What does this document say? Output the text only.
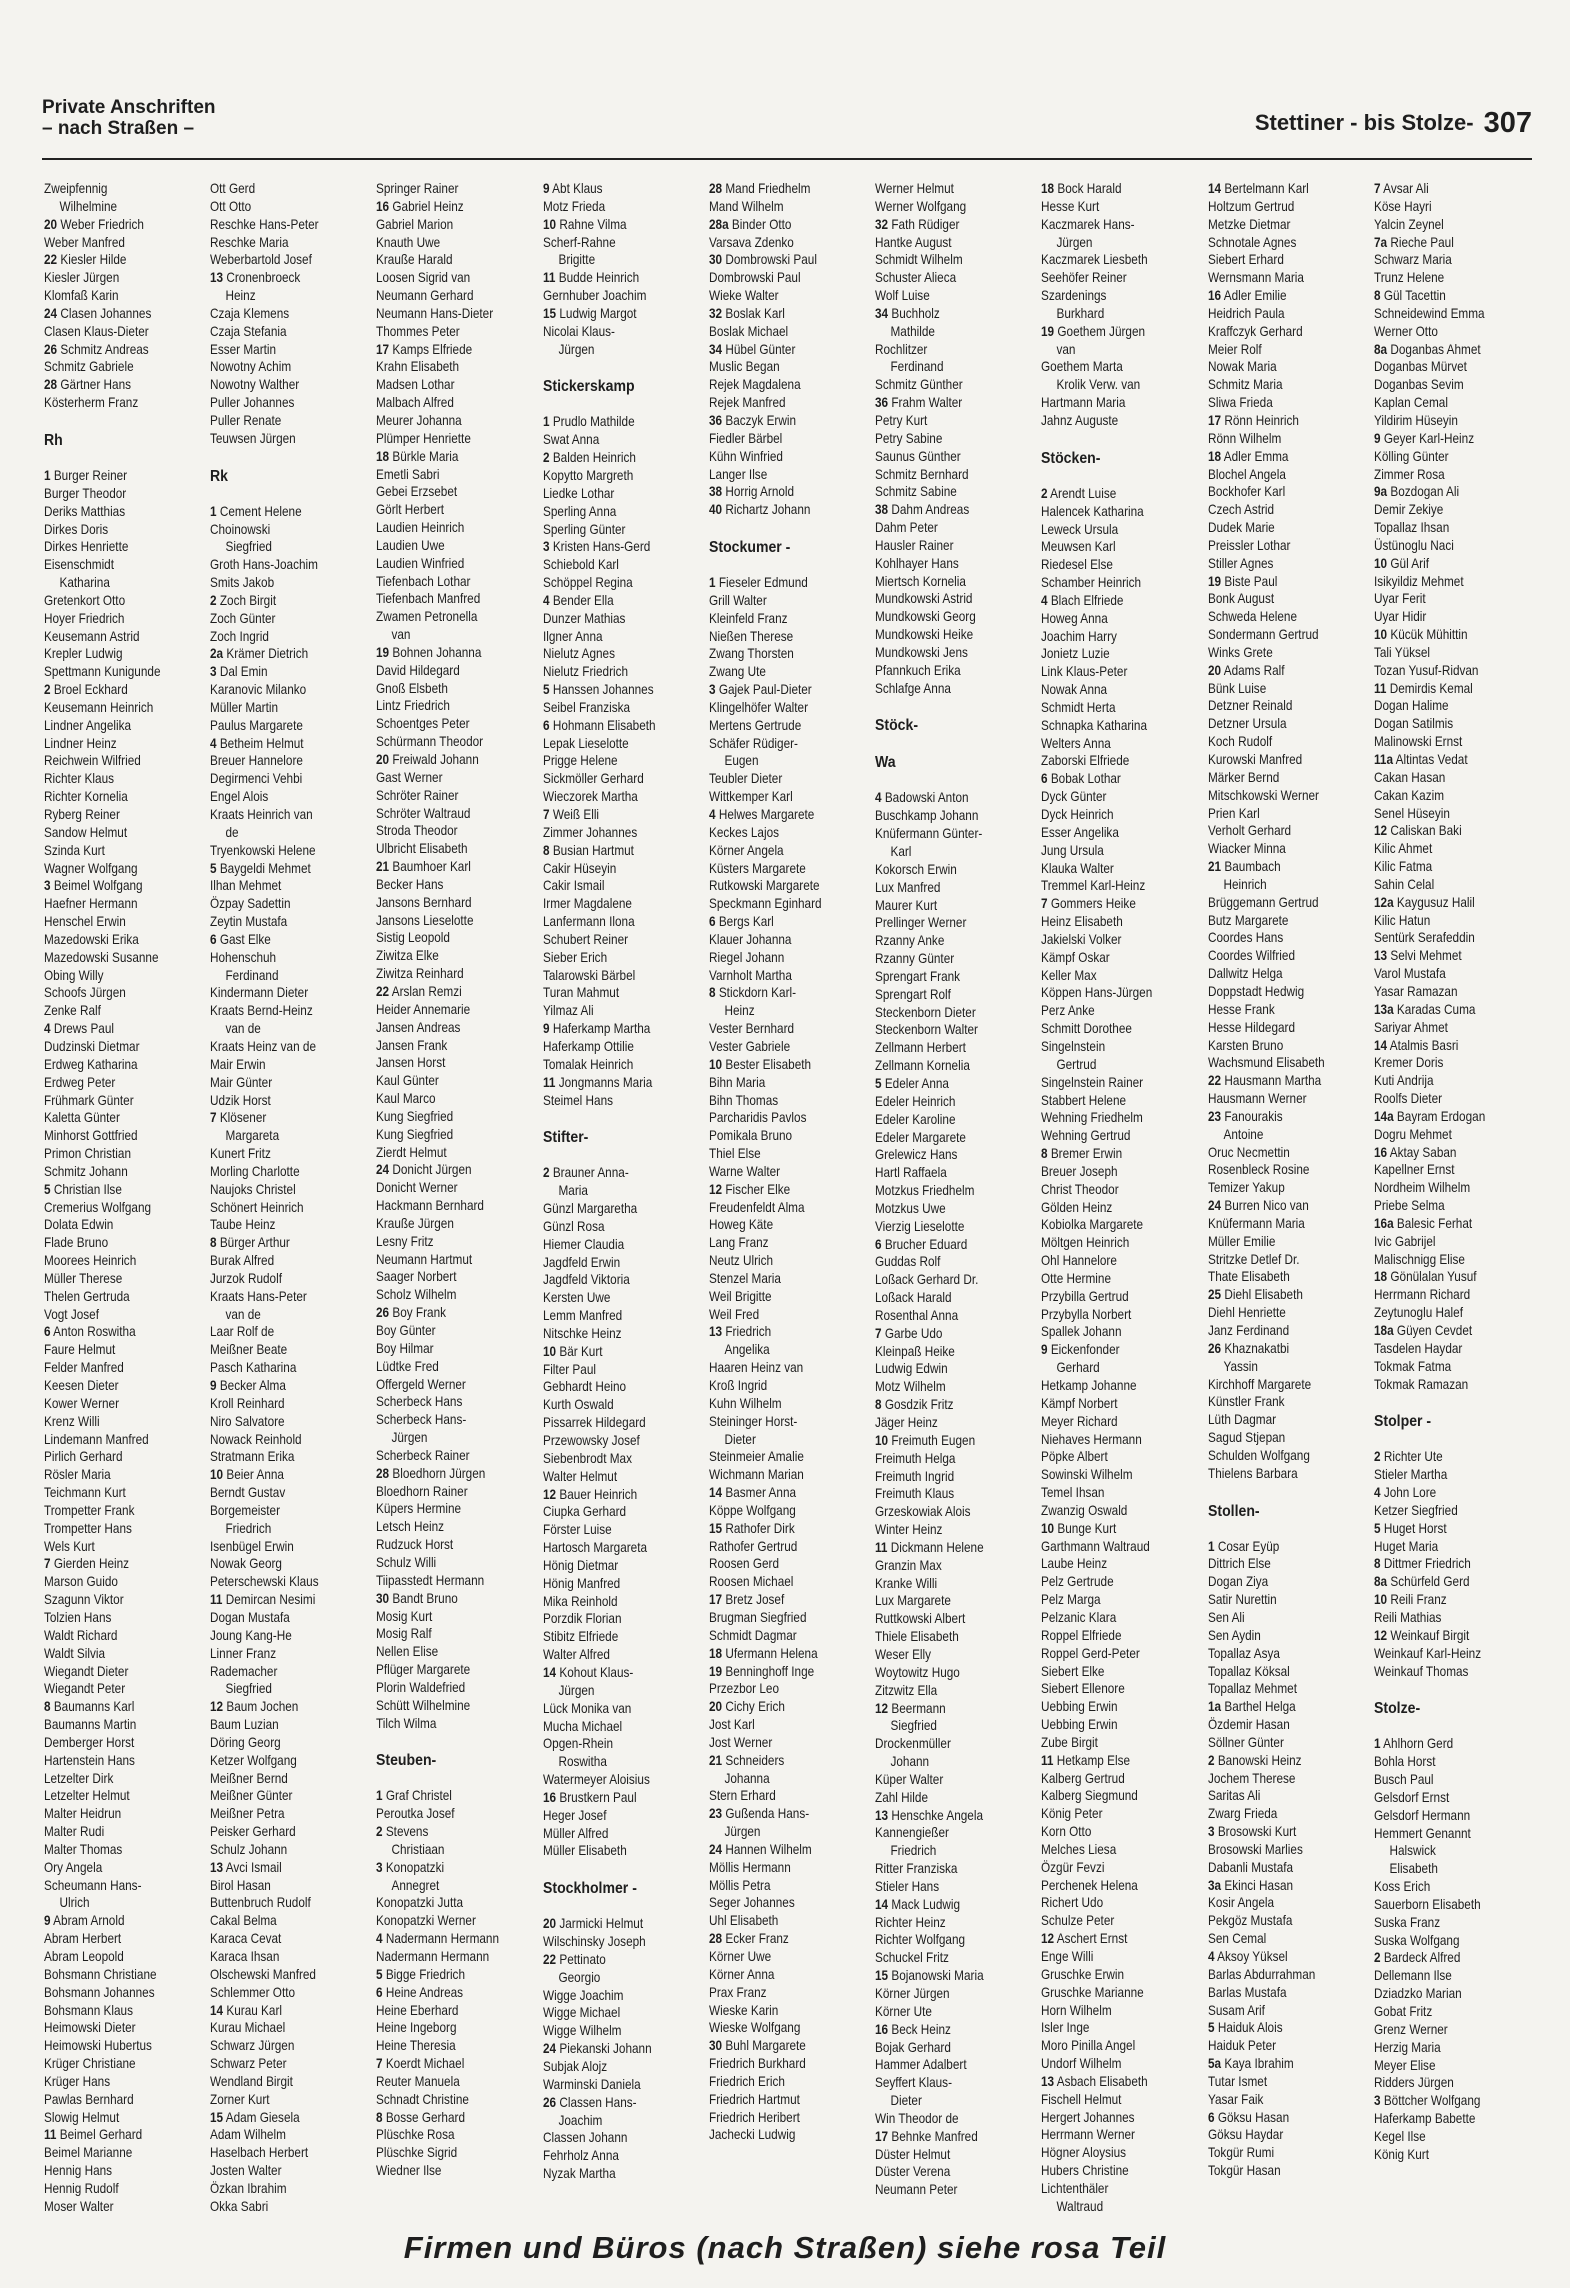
Private Anschriften
– nach Straßen –	Stettiner - bis Stolze- 307
Zweipfennig
Wilhelmine
20 Weber Friedrich
Weber Manfred
22 Kiesler Hilde
Kiesler Jürgen
Klomfaß Karin
24 Clasen Johannes
Clasen Klaus-Dieter
26 Schmitz Andreas
Schmitz Gabriele
28 Gärtner Hans
Kösterherm Franz
Rh
1 Burger Reiner
Burger Theodor
Deriks Matthias
Dirkes Doris
Dirkes Henriette
Eisenschmidt
Katharina
Gretenkort Otto
Hoyer Friedrich
Keusemann Astrid
Krepler Ludwig
Spettmann Kunigunde
2 Broel Eckhard
Keusemann Heinrich
Lindner Angelika
Lindner Heinz
Reichwein Wilfried
Richter Klaus
Richter Kornelia
Ryberg Reiner
Sandow Helmut
Szinda Kurt
Wagner Wolfgang
3 Beimel Wolfgang
Haefner Hermann
Henschel Erwin
Mazedowski Erika
Mazedowski Susanne
Obing Willy
Schoofs Jürgen
Zenke Ralf
4 Drews Paul
Dudzinski Dietmar
Erdweg Katharina
Erdweg Peter
Frühmark Günter
Kaletta Günter
Minhorst Gottfried
Primon Christian
Schmitz Johann
5 Christian Ilse
Cremerius Wolfgang
Dolata Edwin
Flade Bruno
Moorees Heinrich
Müller Therese
Thelen Gertruda
Vogt Josef
6 Anton Roswitha
Faure Helmut
Felder Manfred
Keesen Dieter
Kower Werner
Krenz Willi
Lindemann Manfred
Pirlich Gerhard
Rösler Maria
Teichmann Kurt
Trompetter Frank
Trompetter Hans
Wels Kurt
7 Gierden Heinz
Marson Guido
Szagunn Viktor
Tolzien Hans
Waldt Richard
Waldt Silvia
Wiegandt Dieter
Wiegandt Peter
8 Baumanns Karl
Baumanns Martin
Demberger Horst
Hartenstein Hans
Letzelter Dirk
Letzelter Helmut
Malter Heidrun
Malter Rudi
Malter Thomas
Ory Angela
Scheumann Hans-
Ulrich
9 Abram Arnold
Abram Herbert
Abram Leopold
Bohsmann Christiane
Bohsmann Johannes
Bohsmann Klaus
Heimowski Dieter
Heimowski Hubertus
Krüger Christiane
Krüger Hans
Pawlas Bernhard
Slowig Helmut
11 Beimel Gerhard
Beimel Marianne
Hennig Hans
Hennig Rudolf
Moser Walter
Ott Gerd
Ott Otto
Reschke Hans-Peter
Reschke Maria
Weberbartold Josef
13 Cronenbroeck
Heinz
Czaja Klemens
Czaja Stefania
Esser Martin
Nowotny Achim
Nowotny Walther
Puller Johannes
Puller Renate
Teuwsen Jürgen
Rk
1 Cement Helene
Choinowski
Siegfried
Groth Hans-Joachim
Smits Jakob
2 Zoch Birgit
Zoch Günter
Zoch Ingrid
2a Krämer Dietrich
3 Dal Emin
Karanovic Milanko
Müller Martin
Paulus Margarete
4 Betheim Helmut
Breuer Hannelore
Degirmenci Vehbi
Engel Alois
Kraats Heinrich van
de
Tryenkowski Helene
5 Baygeldi Mehmet
Ilhan Mehmet
Özpay Sadettin
Zeytin Mustafa
6 Gast Elke
Hohenschuh
Ferdinand
Kindermann Dieter
Kraats Bernd-Heinz
van de
Kraats Heinz van de
Mair Erwin
Mair Günter
Udzik Horst
7 Klösener
Margareta
Kunert Fritz
Morling Charlotte
Naujoks Christel
Schönert Heinrich
Taube Heinz
8 Bürger Arthur
Burak Alfred
Jurzok Rudolf
Kraats Hans-Peter
van de
Laar Rolf de
Meißner Beate
Pasch Katharina
9 Becker Alma
Kroll Reinhard
Niro Salvatore
Nowack Reinhold
Stratmann Erika
10 Beier Anna
Berndt Gustav
Borgemeister
Friedrich
Isenbügel Erwin
Nowak Georg
Peterschewski Klaus
11 Demircan Nesimi
Dogan Mustafa
Joung Kang-He
Linner Franz
Rademacher
Siegfried
12 Baum Jochen
Baum Luzian
Döring Georg
Ketzer Wolfgang
Meißner Bernd
Meißner Günter
Meißner Petra
Peisker Gerhard
Schulz Johann
13 Avci Ismail
Birol Hasan
Buttenbruch Rudolf
Cakal Belma
Karaca Cevat
Karaca Ihsan
Olschewski Manfred
Schlemmer Otto
14 Kurau Karl
Kurau Michael
Schwarz Jürgen
Schwarz Peter
Wendland Birgit
Zorner Kurt
15 Adam Giesela
Adam Wilhelm
Haselbach Herbert
Josten Walter
Özkan Ibrahim
Okka Sabri
Springer Rainer
16 Gabriel Heinz
Gabriel Marion
Knauth Uwe
Krauße Harald
Loosen Sigrid van
Neumann Gerhard
Neumann Hans-Dieter
Thommes Peter
17 Kamps Elfriede
Krahn Elisabeth
Madsen Lothar
Malbach Alfred
Meurer Johanna
Plümper Henriette
18 Bürkle Maria
Emetli Sabri
Gebei Erzsebet
Görlt Herbert
Laudien Heinrich
Laudien Uwe
Laudien Winfried
Tiefenbach Lothar
Tiefenbach Manfred
Zwamen Petronella
van
19 Bohnen Johanna
David Hildegard
Gnoß Elsbeth
Lintz Friedrich
Schoentges Peter
Schürmann Theodor
20 Freiwald Johann
Gast Werner
Schröter Rainer
Schröter Waltraud
Stroda Theodor
Ulbricht Elisabeth
21 Baumhoer Karl
Becker Hans
Jansons Bernhard
Jansons Lieselotte
Sistig Leopold
Ziwitza Elke
Ziwitza Reinhard
22 Arslan Remzi
Heider Annemarie
Jansen Andreas
Jansen Frank
Jansen Horst
Kaul Günter
Kaul Marco
Kung Siegfried
Kung Siegfried
Zierdt Helmut
24 Donicht Jürgen
Donicht Werner
Hackmann Bernhard
Krauße Jürgen
Lesny Fritz
Neumann Hartmut
Saager Norbert
Scholz Wilhelm
26 Boy Frank
Boy Günter
Boy Hilmar
Lüdtke Fred
Offergeld Werner
Scherbeck Hans
Scherbeck Hans-
Jürgen
Scherbeck Rainer
28 Bloedhorn Jürgen
Bloedhorn Rainer
Küpers Hermine
Letsch Heinz
Rudzuck Horst
Schulz Willi
Tiipasstedt Hermann
30 Bandt Bruno
Mosig Kurt
Mosig Ralf
Nellen Elise
Pflüger Margarete
Plorin Waldefried
Schütt Wilhelmine
Tilch Wilma
Steuben-
1 Graf Christel
Peroutka Josef
2 Stevens
Christiaan
3 Konopatzki
Annegret
Konopatzki Jutta
Konopatzki Werner
4 Nadermann Hermann
Nadermann Hermann
5 Bigge Friedrich
6 Heine Andreas
Heine Eberhard
Heine Ingeborg
Heine Theresia
7 Koerdt Michael
Reuter Manuela
Schnadt Christine
8 Bosse Gerhard
Plüschke Rosa
Plüschke Sigrid
Wiedner Ilse
9 Abt Klaus
Motz Frieda
10 Rahne Vilma
Scherf-Rahne
Brigitte
11 Budde Heinrich
Gernhuber Joachim
15 Ludwig Margot
Nicolai Klaus-
Jürgen
Stickerskamp
1 Prudlo Mathilde
Swat Anna
2 Balden Heinrich
Kopytto Margreth
Liedke Lothar
Sperling Anna
Sperling Günter
3 Kristen Hans-Gerd
Schiebold Karl
Schöppel Regina
4 Bender Ella
Dunzer Mathias
Ilgner Anna
Nielutz Agnes
Nielutz Friedrich
5 Hanssen Johannes
Seibel Franziska
6 Hohmann Elisabeth
Lepak Lieselotte
Prigge Helene
Sickmöller Gerhard
Wieczorek Martha
7 Weiß Elli
Zimmer Johannes
8 Busian Hartmut
Cakir Hüseyin
Cakir Ismail
Irmer Magdalene
Lanfermann Ilona
Schubert Reiner
Sieber Erich
Talarowski Bärbel
Turan Mahmut
Yilmaz Ali
9 Haferkamp Martha
Haferkamp Ottilie
Tomalak Heinrich
11 Jongmanns Maria
Steimel Hans
Stifter-
2 Brauner Anna-
Maria
Günzl Margaretha
Günzl Rosa
Hiemer Claudia
Jagdfeld Erwin
Jagdfeld Viktoria
Kersten Uwe
Lemm Manfred
Nitschke Heinz
10 Bär Kurt
Filter Paul
Gebhardt Heino
Kurth Oswald
Pissarrek Hildegard
Przewowsky Josef
Siebenbrodt Max
Walter Helmut
12 Bauer Heinrich
Ciupka Gerhard
Förster Luise
Hartosch Margareta
Hönig Dietmar
Hönig Manfred
Mika Reinhold
Porzdik Florian
Stibitz Elfriede
Walter Alfred
14 Kohout Klaus-
Jürgen
Lück Monika van
Mucha Michael
Opgen-Rhein
Roswitha
Watermeyer Aloisius
16 Brustkern Paul
Heger Josef
Müller Alfred
Müller Elisabeth
Stockholmer -
20 Jarmicki Helmut
Wilschinsky Joseph
22 Pettinato
Georgio
Wigge Joachim
Wigge Michael
Wigge Wilhelm
24 Piekanski Johann
Subjak Alojz
Warminski Daniela
26 Classen Hans-
Joachim
Classen Johann
Fehrholz Anna
Nyzak Martha
28 Mand Friedhelm
Mand Wilhelm
28a Binder Otto
Varsava Zdenko
30 Dombrowski Paul
Dombrowski Paul
Wieke Walter
32 Boslak Karl
Boslak Michael
34 Hübel Günter
Muslic Began
Rejek Magdalena
Rejek Manfred
36 Baczyk Erwin
Fiedler Bärbel
Kühn Winfried
Langer Ilse
38 Horrig Arnold
40 Richartz Johann
Stockumer -
1 Fieseler Edmund
Grill Walter
Kleinfeld Franz
Nießen Therese
Zwang Thorsten
Zwang Ute
3 Gajek Paul-Dieter
Klingelhöfer Walter
Mertens Gertrude
Schäfer Rüdiger-
Eugen
Teubler Dieter
Wittkemper Karl
4 Helwes Margarete
Keckes Lajos
Körner Angela
Küsters Margarete
Rutkowski Margarete
Speckmann Eginhard
6 Bergs Karl
Klauer Johanna
Riegel Johann
Varnholt Martha
8 Stickdorn Karl-
Heinz
Vester Bernhard
Vester Gabriele
10 Bester Elisabeth
Bihn Maria
Bihn Thomas
Parcharidis Pavlos
Pomikala Bruno
Thiel Else
Warne Walter
12 Fischer Elke
Freudenfeldt Alma
Howeg Käte
Lang Franz
Neutz Ulrich
Stenzel Maria
Weil Brigitte
Weil Fred
13 Friedrich
Angelika
Haaren Heinz van
Kroß Ingrid
Kuhn Wilhelm
Steininger Horst-
Dieter
Steinmeier Amalie
Wichmann Marian
14 Basmer Anna
Köppe Wolfgang
15 Rathofer Dirk
Rathofer Gertrud
Roosen Gerd
Roosen Michael
17 Bretz Josef
Brugman Siegfried
Schmidt Dagmar
18 Ufermann Helena
19 Benninghoff Inge
Przezbor Leo
20 Cichy Erich
Jost Karl
Jost Werner
21 Schneiders
Johanna
Stern Erhard
23 Gußenda Hans-
Jürgen
24 Hannen Wilhelm
Möllis Hermann
Möllis Petra
Seger Johannes
Uhl Elisabeth
28 Ecker Franz
Körner Uwe
Körner Anna
Prax Franz
Wieske Karin
Wieske Wolfgang
30 Buhl Margarete
Friedrich Burkhard
Friedrich Erich
Friedrich Hartmut
Friedrich Heribert
Jachecki Ludwig
Werner Helmut
Werner Wolfgang
32 Fath Rüdiger
Hantke August
Schmidt Wilhelm
Schuster Alieca
Wolf Luise
34 Buchholz
Mathilde
Rochlitzer
Ferdinand
Schmitz Günther
36 Frahm Walter
Petry Kurt
Petry Sabine
Saunus Günther
Schmitz Bernhard
Schmitz Sabine
38 Dahm Andreas
Dahm Peter
Hausler Rainer
Kohlhayer Hans
Miertsch Kornelia
Mundkowski Astrid
Mundkowski Georg
Mundkowski Heike
Mundkowski Jens
Pfannkuch Erika
Schlafge Anna
Stöck-
Wa
4 Badowski Anton
Buschkamp Johann
Knüfermann Günter-
Karl
Kokorsch Erwin
Lux Manfred
Maurer Kurt
Prellinger Werner
Rzanny Anke
Rzanny Günter
Sprengart Frank
Sprengart Rolf
Steckenborn Dieter
Steckenborn Walter
Zellmann Herbert
Zellmann Kornelia
5 Edeler Anna
Edeler Heinrich
Edeler Karoline
Edeler Margarete
Grelewicz Hans
Hartl Raffaela
Motzkus Friedhelm
Motzkus Uwe
Vierzig Lieselotte
6 Brucher Eduard
Guddas Rolf
Loßack Gerhard Dr.
Loßack Harald
Rosenthal Anna
7 Garbe Udo
Kleinpaß Heike
Ludwig Edwin
Motz Wilhelm
8 Gosdzik Fritz
Jäger Heinz
10 Freimuth Eugen
Freimuth Helga
Freimuth Ingrid
Freimuth Klaus
Grzeskowiak Alois
Winter Heinz
11 Dickmann Helene
Granzin Max
Kranke Willi
Lux Margarete
Ruttkowski Albert
Thiele Elisabeth
Weser Elly
Woytowitz Hugo
Zitzwitz Ella
12 Beermann
Siegfried
Drockenmüller
Johann
Küper Walter
Zahl Hilde
13 Henschke Angela
Kannengießer
Friedrich
Ritter Franziska
Stieler Hans
14 Mack Ludwig
Richter Heinz
Richter Wolfgang
Schuckel Fritz
15 Bojanowski Maria
Körner Jürgen
Körner Ute
16 Beck Heinz
Bojak Gerhard
Hammer Adalbert
Seyffert Klaus-
Dieter
Win Theodor de
17 Behnke Manfred
Düster Helmut
Düster Verena
Neumann Peter
18 Bock Harald
Hesse Kurt
Kaczmarek Hans-
Jürgen
Kaczmarek Liesbeth
Seehöfer Reiner
Szardenings
Burkhard
19 Goethem Jürgen
van
Goethem Marta
Krolik Verw. van
Hartmann Maria
Jahnz Auguste
Stöcken-
2 Arendt Luise
Halencek Katharina
Leweck Ursula
Meuwsen Karl
Riedesel Else
Schamber Heinrich
4 Blach Elfriede
Howeg Anna
Joachim Harry
Jonietz Luzie
Link Klaus-Peter
Nowak Anna
Schmidt Herta
Schnapka Katharina
Welters Anna
Zaborski Elfriede
6 Bobak Lothar
Dyck Günter
Dyck Heinrich
Esser Angelika
Jung Ursula
Klauka Walter
Tremmel Karl-Heinz
7 Gommers Heike
Heinz Elisabeth
Jakielski Volker
Kämpf Oskar
Keller Max
Köppen Hans-Jürgen
Perz Anke
Schmitt Dorothee
Singelnstein
Gertrud
Singelnstein Rainer
Stabbert Helene
Wehning Friedhelm
Wehning Gertrud
8 Bremer Erwin
Breuer Joseph
Christ Theodor
Gölden Heinz
Kobiolka Margarete
Möltgen Heinrich
Ohl Hannelore
Otte Hermine
Przybilla Gertrud
Przybylla Norbert
Spallek Johann
9 Eickenfonder
Gerhard
Hetkamp Johanne
Kämpf Norbert
Meyer Richard
Niehaves Hermann
Pöpke Albert
Sowinski Wilhelm
Temel Ihsan
Zwanzig Oswald
10 Bunge Kurt
Garthmann Waltraud
Laube Heinz
Pelz Gertrude
Pelz Marga
Pelzanic Klara
Roppel Elfriede
Roppel Gerd-Peter
Siebert Elke
Siebert Ellenore
Uebbing Erwin
Uebbing Erwin
Zube Birgit
11 Hetkamp Else
Kalberg Gertrud
Kalberg Siegmund
König Peter
Korn Otto
Melches Liesa
Özgür Fevzi
Perchenek Helena
Richert Udo
Schulze Peter
12 Aschert Ernst
Enge Willi
Gruschke Erwin
Gruschke Marianne
Horn Wilhelm
Isler Inge
Moro Pinilla Angel
Undorf Wilhelm
13 Asbach Elisabeth
Fischell Helmut
Hergert Johannes
Herrmann Werner
Högner Aloysius
Hubers Christine
Lichtenthäler
Waltraud
14 Bertelmann Karl
Holtzum Gertrud
Metzke Dietmar
Schnotale Agnes
Siebert Erhard
Wernsmann Maria
16 Adler Emilie
Heidrich Paula
Kraffczyk Gerhard
Meier Rolf
Nowak Maria
Schmitz Maria
Sliwa Frieda
17 Rönn Heinrich
Rönn Wilhelm
18 Adler Emma
Blochel Angela
Bockhofer Karl
Czech Astrid
Dudek Marie
Preissler Lothar
Stiller Agnes
19 Biste Paul
Bonk August
Schweda Helene
Sondermann Gertrud
Winks Grete
20 Adams Ralf
Bünk Luise
Detzner Reinald
Detzner Ursula
Koch Rudolf
Kurowski Manfred
Märker Bernd
Mitschkowski Werner
Prien Karl
Verholt Gerhard
Wiacker Minna
21 Baumbach
Heinrich
Brüggemann Gertrud
Butz Margarete
Coordes Hans
Coordes Wilfried
Dallwitz Helga
Doppstadt Hedwig
Hesse Frank
Hesse Hildegard
Karsten Bruno
Wachsmund Elisabeth
22 Hausmann Martha
Hausmann Werner
23 Fanourakis
Antoine
Oruc Necmettin
Rosenbleck Rosine
Temizer Yakup
24 Burren Nico van
Knüfermann Maria
Müller Emilie
Stritzke Detlef Dr.
Thate Elisabeth
25 Diehl Elisabeth
Diehl Henriette
Janz Ferdinand
26 Khaznakatbi
Yassin
Kirchhoff Margarete
Künstler Frank
Lüth Dagmar
Sagud Stjepan
Schulden Wolfgang
Thielens Barbara
Stollen-
1 Cosar Eyüp
Dittrich Else
Dogan Ziya
Satir Nurettin
Sen Ali
Sen Aydin
Topallaz Asya
Topallaz Köksal
Topallaz Mehmet
1a Barthel Helga
Özdemir Hasan
Söllner Günter
2 Banowski Heinz
Jochem Therese
Saritas Ali
Zwarg Frieda
3 Brosowski Kurt
Brosowski Marlies
Dabanli Mustafa
3a Ekinci Hasan
Kosir Angela
Pekgöz Mustafa
Sen Cemal
4 Aksoy Yüksel
Barlas Abdurrahman
Barlas Mustafa
Susam Arif
5 Haiduk Alois
Haiduk Peter
5a Kaya Ibrahim
Tutar Ismet
Yasar Faik
6 Göksu Hasan
Göksu Haydar
Tokgür Rumi
Tokgür Hasan
7 Avsar Ali
Köse Hayri
Yalcin Zeynel
7a Rieche Paul
Schwarz Maria
Trunz Helene
8 Gül Tacettin
Schneidewind Emma
Werner Otto
8a Doganbas Ahmet
Doganbas Mürvet
Doganbas Sevim
Kaplan Cemal
Yildirim Hüseyin
9 Geyer Karl-Heinz
Kölling Günter
Zimmer Rosa
9a Bozdogan Ali
Demir Zekiye
Topallaz Ihsan
Üstünoglu Naci
10 Gül Arif
Isikyildiz Mehmet
Uyar Ferit
Uyar Hidir
10 Kücük Mühittin
Tali Yüksel
Tozan Yusuf-Ridvan
11 Demirdis Kemal
Dogan Halime
Dogan Satilmis
Malinowski Ernst
11a Altintas Vedat
Cakan Hasan
Cakan Kazim
Senel Hüseyin
12 Caliskan Baki
Kilic Ahmet
Kilic Fatma
Sahin Celal
12a Kaygusuz Halil
Kilic Hatun
Sentürk Serafeddin
13 Selvi Mehmet
Varol Mustafa
Yasar Ramazan
13a Karadas Cuma
Sariyar Ahmet
14 Atalmis Basri
Kremer Doris
Kuti Andrija
Roolfs Dieter
14a Bayram Erdogan
Dogru Mehmet
16 Aktay Saban
Kapellner Ernst
Nordheim Wilhelm
Priebe Selma
16a Balesic Ferhat
Ivic Gabrijel
Malischnigg Elise
18 Gönülalan Yusuf
Herrmann Richard
Zeytunoglu Halef
18a Güyen Cevdet
Tasdelen Haydar
Tokmak Fatma
Tokmak Ramazan
Stolper -
2 Richter Ute
Stieler Martha
4 John Lore
Ketzer Siegfried
5 Huget Horst
Huget Maria
8 Dittmer Friedrich
8a Schürfeld Gerd
10 Reili Franz
Reili Mathias
12 Weinkauf Birgit
Weinkauf Karl-Heinz
Weinkauf Thomas
Stolze-
1 Ahlhorn Gerd
Bohla Horst
Busch Paul
Gelsdorf Ernst
Gelsdorf Hermann
Hemmert Genannt
Halswick
Elisabeth
Koss Erich
Sauerborn Elisabeth
Suska Franz
Suska Wolfgang
2 Bardeck Alfred
Dellemann Ilse
Dziadzko Marian
Gobat Fritz
Grenz Werner
Herzig Maria
Meyer Elise
Ridders Jürgen
3 Böttcher Wolfgang
Haferkamp Babette
Kegel Ilse
König Kurt
Firmen und Büros (nach Straßen) siehe rosa Teil
